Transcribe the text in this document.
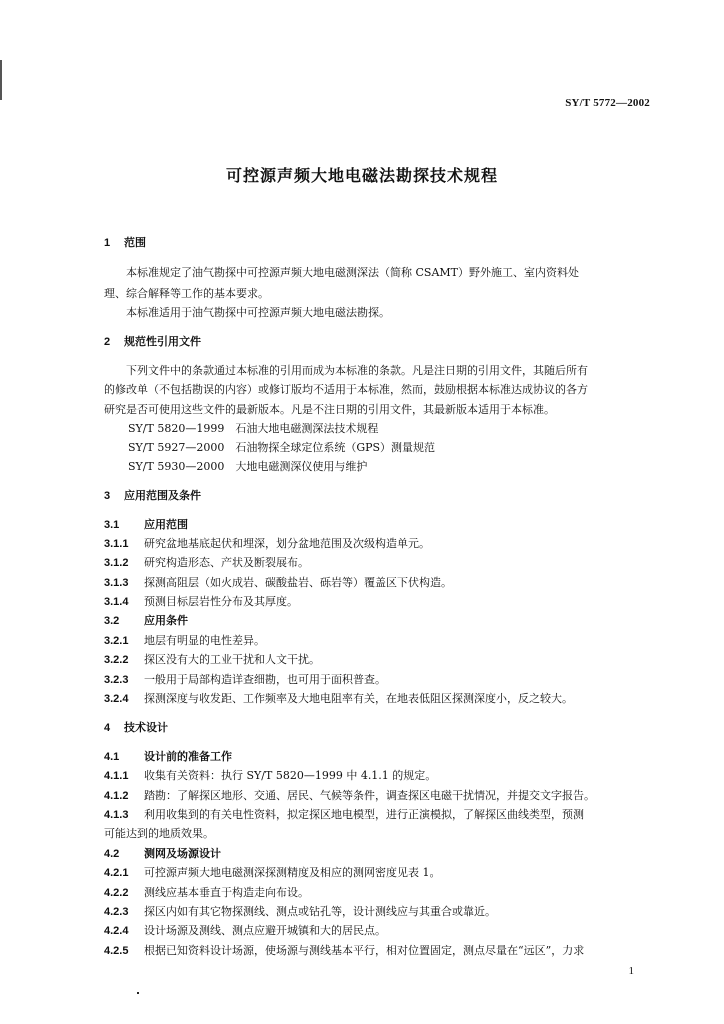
SY/T 5772—2002
可控源声频大地电磁法勘探技术规程
1 范围
本标准规定了油气勘探中可控源声频大地电磁测深法（简称 CSAMT）野外施工、室内资料处
理、综合解释等工作的基本要求。
本标准适用于油气勘探中可控源声频大地电磁法勘探。
2 规范性引用文件
下列文件中的条款通过本标准的引用而成为本标准的条款。凡是注日期的引用文件，其随后所有
的修改单（不包括勘误的内容）或修订版均不适用于本标准，然而，鼓励根据本标准达成协议的各方
研究是否可使用这些文件的最新版本。凡是不注日期的引用文件，其最新版本适用于本标准。
SY/T 5820—1999　石油大地电磁测深法技术规程
SY/T 5927—2000　石油物探全球定位系统（GPS）测量规范
SY/T 5930—2000　大地电磁测深仪使用与维护
3 应用范围及条件
3.1 应用范围
3.1.1 研究盆地基底起伏和埋深，划分盆地范围及次级构造单元。
3.1.2 研究构造形态、产状及断裂展布。
3.1.3 探测高阻层（如火成岩、碳酸盐岩、砾岩等）覆盖区下伏构造。
3.1.4 预测目标层岩性分布及其厚度。
3.2 应用条件
3.2.1 地层有明显的电性差异。
3.2.2 探区没有大的工业干扰和人文干扰。
3.2.3 一般用于局部构造详查细勘，也可用于面积普查。
3.2.4 探测深度与收发距、工作频率及大地电阻率有关，在地表低阻区探测深度小，反之较大。
4 技术设计
4.1 设计前的准备工作
4.1.1 收集有关资料：执行 SY/T 5820—1999 中 4.1.1 的规定。
4.1.2 踏勘：了解探区地形、交通、居民、气候等条件，调查探区电磁干扰情况，并提交文字报告。
4.1.3 利用收集到的有关电性资料，拟定探区地电模型，进行正演模拟，了解探区曲线类型，预测
可能达到的地质效果。
4.2 测网及场源设计
4.2.1 可控源声频大地电磁测深探测精度及相应的测网密度见表 1。
4.2.2 测线应基本垂直于构造走向布设。
4.2.3 探区内如有其它物探测线、测点或钻孔等，设计测线应与其重合或靠近。
4.2.4 设计场源及测线、测点应避开城镇和大的居民点。
4.2.5 根据已知资料设计场源，使场源与测线基本平行，相对位置固定，测点尽量在“远区”，力求
1
